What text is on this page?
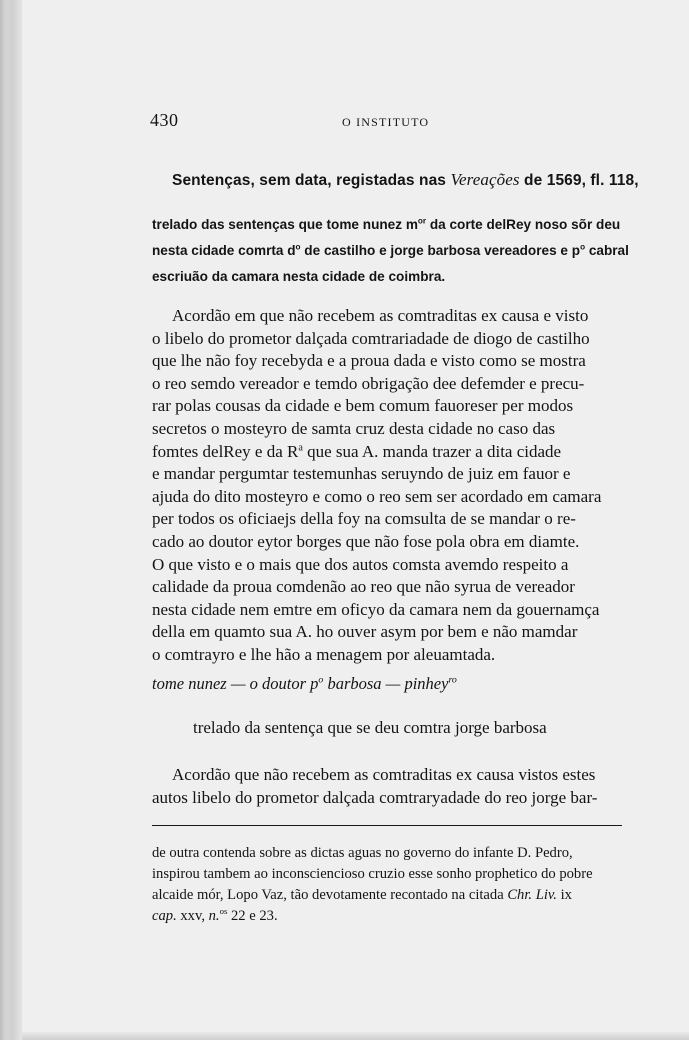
430	O INSTITUTO
Sentenças, sem data, registadas nas Vereações de 1569, fl. 118,
trelado das sentenças que tome nunez $m^{or}$ da corte delRey noso sõr deu
nesta cidade comrta $d^o$ de castilho e jorge barbosa vereadores e $p^o$ cabral
escriuão da camara nesta cidade de coimbra.
Acordão em que não recebem as comtraditas ex causa e visto
o libelo do prometor dalçada comtrariadade de diogo de castilho
que lhe não foy recebyda e a proua dada e visto como se mostra
o reo semdo vereador e temdo obrigação dee defemder e precu-
rar polas cousas da cidade e bem comum fauoreser per modos
secretos o mosteyro de samta cruz desta cidade no caso das
fomtes delRey e da $R^a$ que sua A. manda trazer a dita cidade
e mandar pergumtar testemunhas seruyndo de juiz em fauor e
ajuda do dito mosteyro e como o reo sem ser acordado em camara
per todos os oficiaejs della foy na comsulta de se mandar o re-
cado ao doutor eytor borges que não fose pola obra em diamte.
O que visto e o mais que dos autos comsta avemdo respeito a
calidade da proua comdenão ao reo que não syrua de vereador
nesta cidade nem emtre em oficyo da camara nem da gouernamça
della em quamto sua A. ho ouver asym por bem e não mamdar
o comtrayro e lhe hão a menagem por aleuamtada.
tome nunez — o doutor $p^o$ barbosa — pinhey$^{ro}$
trelado da sentença que se deu comtra jorge barbosa
Acordão que não recebem as comtraditas ex causa vistos estes
autos libelo do prometor dalçada comtraryadade do reo jorge bar-
de outra contenda sobre as dictas aguas no governo do infante D. Pedro,
inspirou tambem ao inconscienciosо cruzio esse sonho prophetico do pobre
alcaide mór, Lopo Vaz, tão devotamente recontado na citada Chr. Liv. ix
cap. xxv, n.$^{os}$ 22 e 23.
